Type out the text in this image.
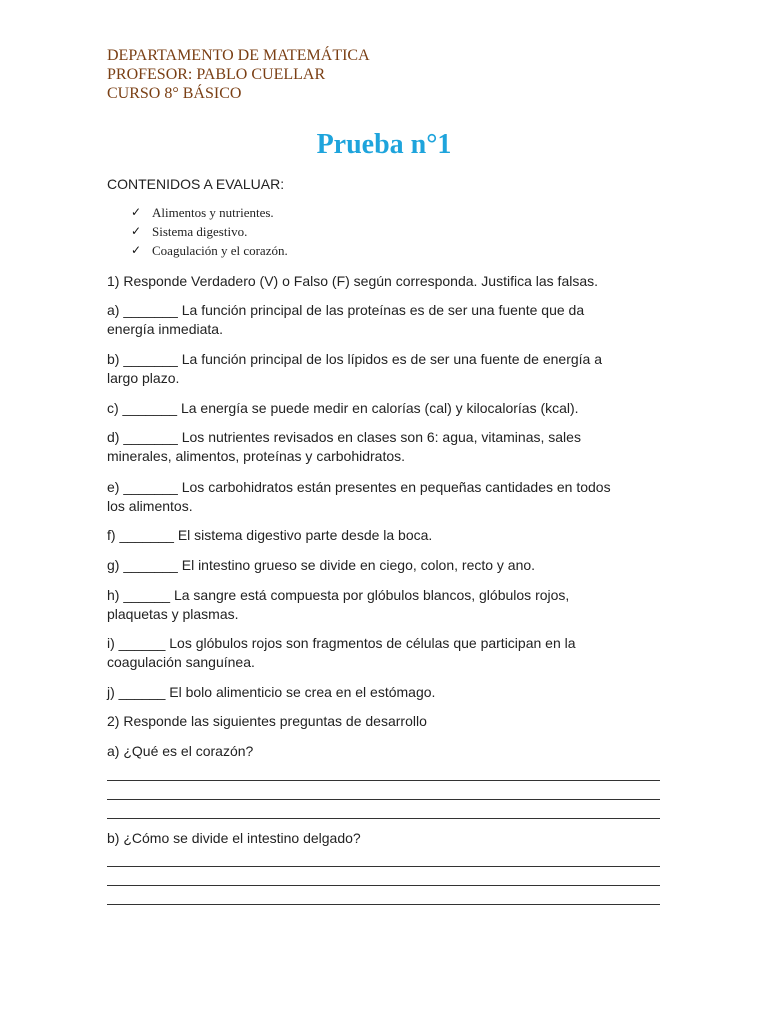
DEPARTAMENTO DE MATEMÁTICA
PROFESOR: PABLO CUELLAR
CURSO 8° BÁSICO
Prueba n°1
CONTENIDOS A EVALUAR:
✓ Alimentos y nutrientes.
✓ Sistema digestivo.
✓ Coagulación y el corazón.
1) Responde Verdadero (V) o Falso (F) según corresponda. Justifica las falsas.
a) _______ La función principal de las proteínas es de ser una fuente que da
energía inmediata.
b) _______ La función principal de los lípidos es de ser una fuente de energía a
largo plazo.
c) _______ La energía se puede medir en calorías (cal) y kilocalorías (kcal).
d) _______ Los nutrientes revisados en clases son 6: agua, vitaminas, sales
minerales, alimentos, proteínas y carbohidratos.
e) _______ Los carbohidratos están presentes en pequeñas cantidades en todos
los alimentos.
f) _______ El sistema digestivo parte desde la boca.
g) _______ El intestino grueso se divide en ciego, colon, recto y ano.
h) ______ La sangre está compuesta por glóbulos blancos, glóbulos rojos,
plaquetas y plasmas.
i) ______ Los glóbulos rojos son fragmentos de células que participan en la
coagulación sanguínea.
j) ______ El bolo alimenticio se crea en el estómago.
2) Responde las siguientes preguntas de desarrollo
a) ¿Qué es el corazón?
b) ¿Cómo se divide el intestino delgado?
